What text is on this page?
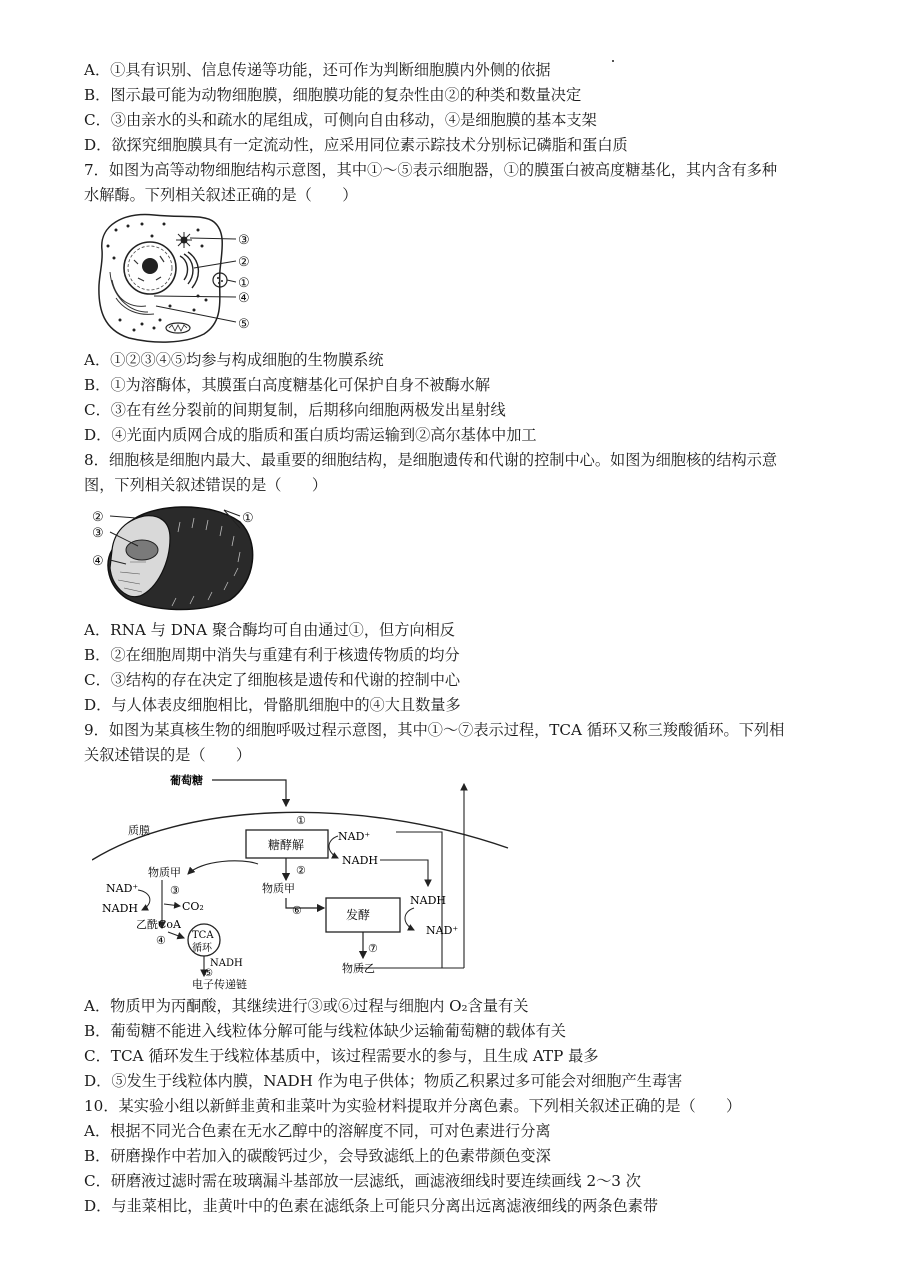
A．①具有识别、信息传递等功能，还可作为判断细胞膜内外侧的依据
B．图示最可能为动物细胞膜，细胞膜功能的复杂性由②的种类和数量决定
C．③由亲水的头和疏水的尾组成，可侧向自由移动，④是细胞膜的基本支架
D．欲探究细胞膜具有一定流动性，应采用同位素示踪技术分别标记磷脂和蛋白质
7．如图为高等动物细胞结构示意图，其中①～⑤表示细胞器，①的膜蛋白被高度糖基化，其内含有多种
水解酶。下列相关叙述正确的是（　　）
③
②
①
④
⑤
A．①②③④⑤均参与构成细胞的生物膜系统
B．①为溶酶体，其膜蛋白高度糖基化可保护自身不被酶水解
C．③在有丝分裂前的间期复制，后期移向细胞两极发出星射线
D．④光面内质网合成的脂质和蛋白质均需运输到②高尔基体中加工
8．细胞核是细胞内最大、最重要的细胞结构，是细胞遗传和代谢的控制中心。如图为细胞核的结构示意
图，下列相关叙述错误的是（　　）
②
③
④
①
A．RNA 与 DNA 聚合酶均可自由通过①，但方向相反
B．②在细胞周期中消失与重建有利于核遗传物质的均分
C．③结构的存在决定了细胞核是遗传和代谢的控制中心
D．与人体表皮细胞相比，骨骼肌细胞中的④大且数量多
9．如图为某真核生物的细胞呼吸过程示意图，其中①～⑦表示过程，TCA 循环又称三羧酸循环。下列相
关叙述错误的是（　　）
质膜
葡萄糖
①
糖酵解
NAD⁺
NADH
②
物质甲
物质甲
③
NAD⁺
NADH	CO₂
乙酰CoA
④	TCA
循环
NADH
⑤
电子传递链
⑥	发酵
NADH
NAD⁺
⑦
物质乙
A．物质甲为丙酮酸，其继续进行③或⑥过程与细胞内 O₂含量有关
B．葡萄糖不能进入线粒体分解可能与线粒体缺少运输葡萄糖的载体有关
C．TCA 循环发生于线粒体基质中，该过程需要水的参与，且生成 ATP 最多
D．⑤发生于线粒体内膜，NADH 作为电子供体；物质乙积累过多可能会对细胞产生毒害
10．某实验小组以新鲜韭黄和韭菜叶为实验材料提取并分离色素。下列相关叙述正确的是（　　）
A．根据不同光合色素在无水乙醇中的溶解度不同，可对色素进行分离
B．研磨操作中若加入的碳酸钙过少，会导致滤纸上的色素带颜色变深
C．研磨液过滤时需在玻璃漏斗基部放一层滤纸，画滤液细线时要连续画线 2～3 次
D．与韭菜相比，韭黄叶中的色素在滤纸条上可能只分离出远离滤液细线的两条色素带
